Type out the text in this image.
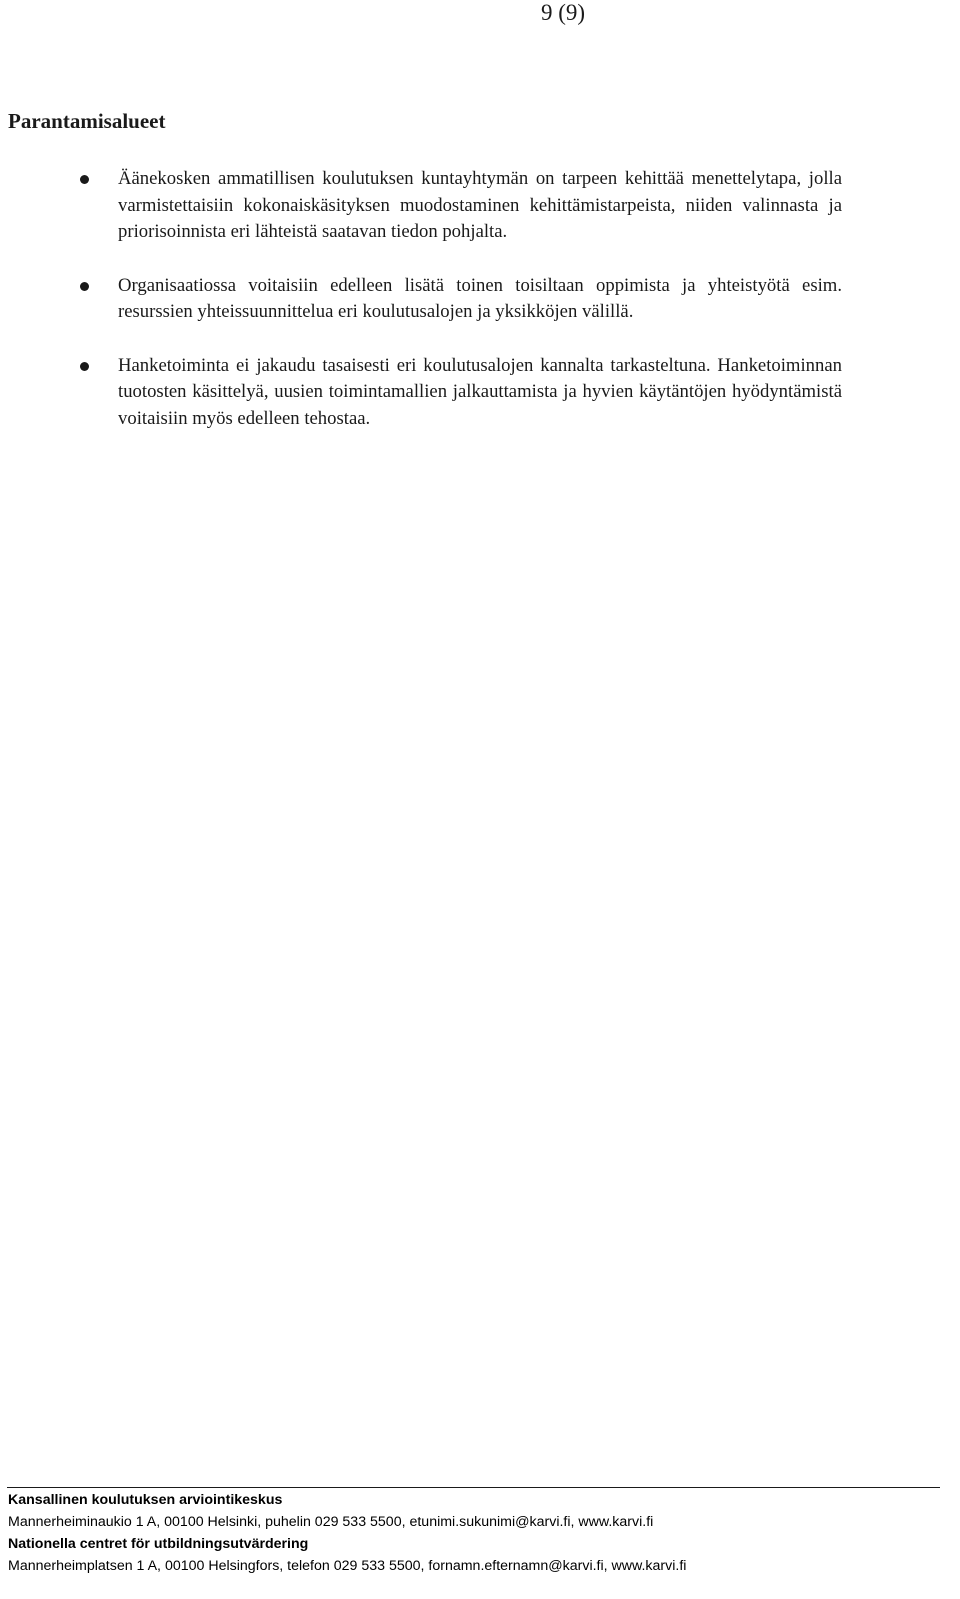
9 (9)
Parantamisalueet
Äänekosken ammatillisen koulutuksen kuntayhtymän on tarpeen kehittää menettelytapa, jolla varmistettaisiin kokonaiskäsityksen muodostaminen kehittämistarpeista, niiden valinnasta ja priorisoinnista eri lähteistä saatavan tiedon pohjalta.
Organisaatiossa voitaisiin edelleen lisätä toinen toisiltaan oppimista ja yhteistyötä esim. resurssien yhteissuunnittelua eri koulutusalojen ja yksikköjen välillä.
Hanketoiminta ei jakaudu tasaisesti eri koulutusalojen kannalta tarkasteltuna. Hanketoiminnan tuotosten käsittelyä, uusien toimintamallien jalkauttamista ja hyvien käytäntöjen hyödyntämistä voitaisiin myös edelleen tehostaa.
Kansallinen koulutuksen arviointikeskus
Mannerheiminaukio 1 A, 00100 Helsinki, puhelin 029 533 5500, etunimi.sukunimi@karvi.fi, www.karvi.fi
Nationella centret för utbildningsutvärdering
Mannerheimplatsen 1 A, 00100 Helsingfors, telefon 029 533 5500, fornamn.efternamn@karvi.fi, www.karvi.fi
